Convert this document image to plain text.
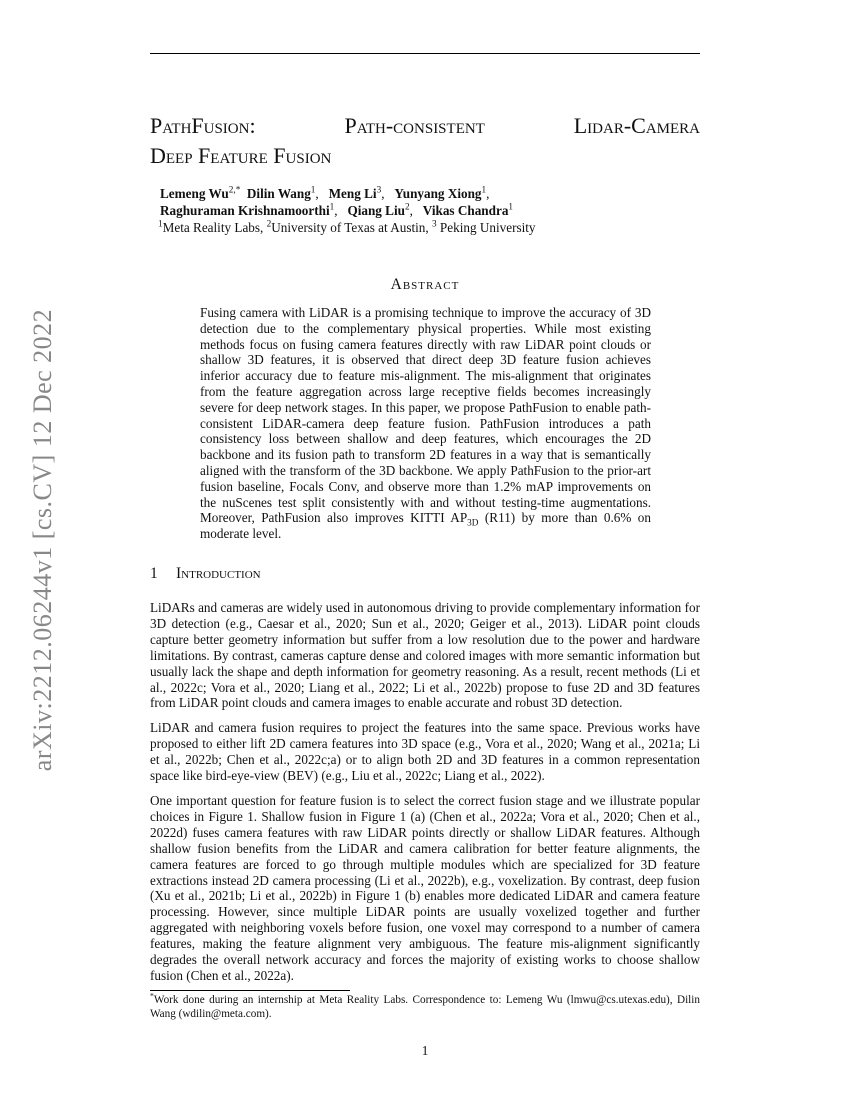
arXiv:2212.06244v1 [cs.CV] 12 Dec 2022
PathFusion:	Path-consistent	Lidar-Camera
Deep Feature Fusion
Lemeng $Wu^{2,*}$ Dilin Wang$^1$,   Meng Li$^3$,   Yunyang Xiong$^1$,
Raghuraman Krishnamoorthi$^1$,   Qiang Liu$^2$,   Vikas Chandra$^1$
$^1$Meta Reality Labs, $^2$University of Texas at Austin, $^3$ Peking University
Abstract
Fusing camera with LiDAR is a promising technique to improve the accuracy of 3D detection due to the complementary physical properties. While most existing methods focus on fusing camera features directly with raw LiDAR point clouds or shallow 3D features, it is observed that direct deep 3D feature fusion achieves inferior accuracy due to feature mis-alignment. The mis-alignment that originates from the feature aggregation across large receptive fields becomes increasingly severe for deep network stages. In this paper, we propose PathFusion to enable path-consistent LiDAR-camera deep feature fusion. PathFusion introduces a path consistency loss between shallow and deep features, which encourages the 2D backbone and its fusion path to transform 2D features in a way that is semantically aligned with the transform of the 3D backbone. We apply PathFusion to the prior-art fusion baseline, Focals Conv, and observe more than 1.2% mAP improvements on the nuScenes test split consistently with and without testing-time augmentations. Moreover, PathFusion also improves KITTI $AP_{3D}$ (R11) by more than 0.6% on moderate level.
1 Introduction

LiDARs and cameras are widely used in autonomous driving to provide complementary information for 3D detection (e.g., Caesar et al., 2020; Sun et al., 2020; Geiger et al., 2013). LiDAR point clouds capture better geometry information but suffer from a low resolution due to the power and hardware limitations. By contrast, cameras capture dense and colored images with more semantic information but usually lack the shape and depth information for geometry reasoning. As a result, recent methods (Li et al., 2022c; Vora et al., 2020; Liang et al., 2022; Li et al., 2022b) propose to fuse 2D and 3D features from LiDAR point clouds and camera images to enable accurate and robust 3D detection.

LiDAR and camera fusion requires to project the features into the same space. Previous works have proposed to either lift 2D camera features into 3D space (e.g., Vora et al., 2020; Wang et al., 2021a; Li et al., 2022b; Chen et al., 2022c;a) or to align both 2D and 3D features in a common representation space like bird-eye-view (BEV) (e.g., Liu et al., 2022c; Liang et al., 2022).

One important question for feature fusion is to select the correct fusion stage and we illustrate popular choices in Figure 1. Shallow fusion in Figure 1 (a) (Chen et al., 2022a; Vora et al., 2020; Chen et al., 2022d) fuses camera features with raw LiDAR points directly or shallow LiDAR features. Although shallow fusion benefits from the LiDAR and camera calibration for better feature alignments, the camera features are forced to go through multiple modules which are specialized for 3D feature extractions instead 2D camera processing (Li et al., 2022b), e.g., voxelization. By contrast, deep fusion (Xu et al., 2021b; Li et al., 2022b) in Figure 1 (b) enables more dedicated LiDAR and camera feature processing. However, since multiple LiDAR points are usually voxelized together and further aggregated with neighboring voxels before fusion, one voxel may correspond to a number of camera features, making the feature alignment very ambiguous. The feature mis-alignment significantly degrades the overall network accuracy and forces the majority of existing works to choose shallow fusion (Chen et al., 2022a).

*Work done during an internship at Meta Reality Labs. Correspondence to: Lemeng Wu (lmwu@cs.utexas.edu), Dilin Wang (wdilin@meta.com).
1
